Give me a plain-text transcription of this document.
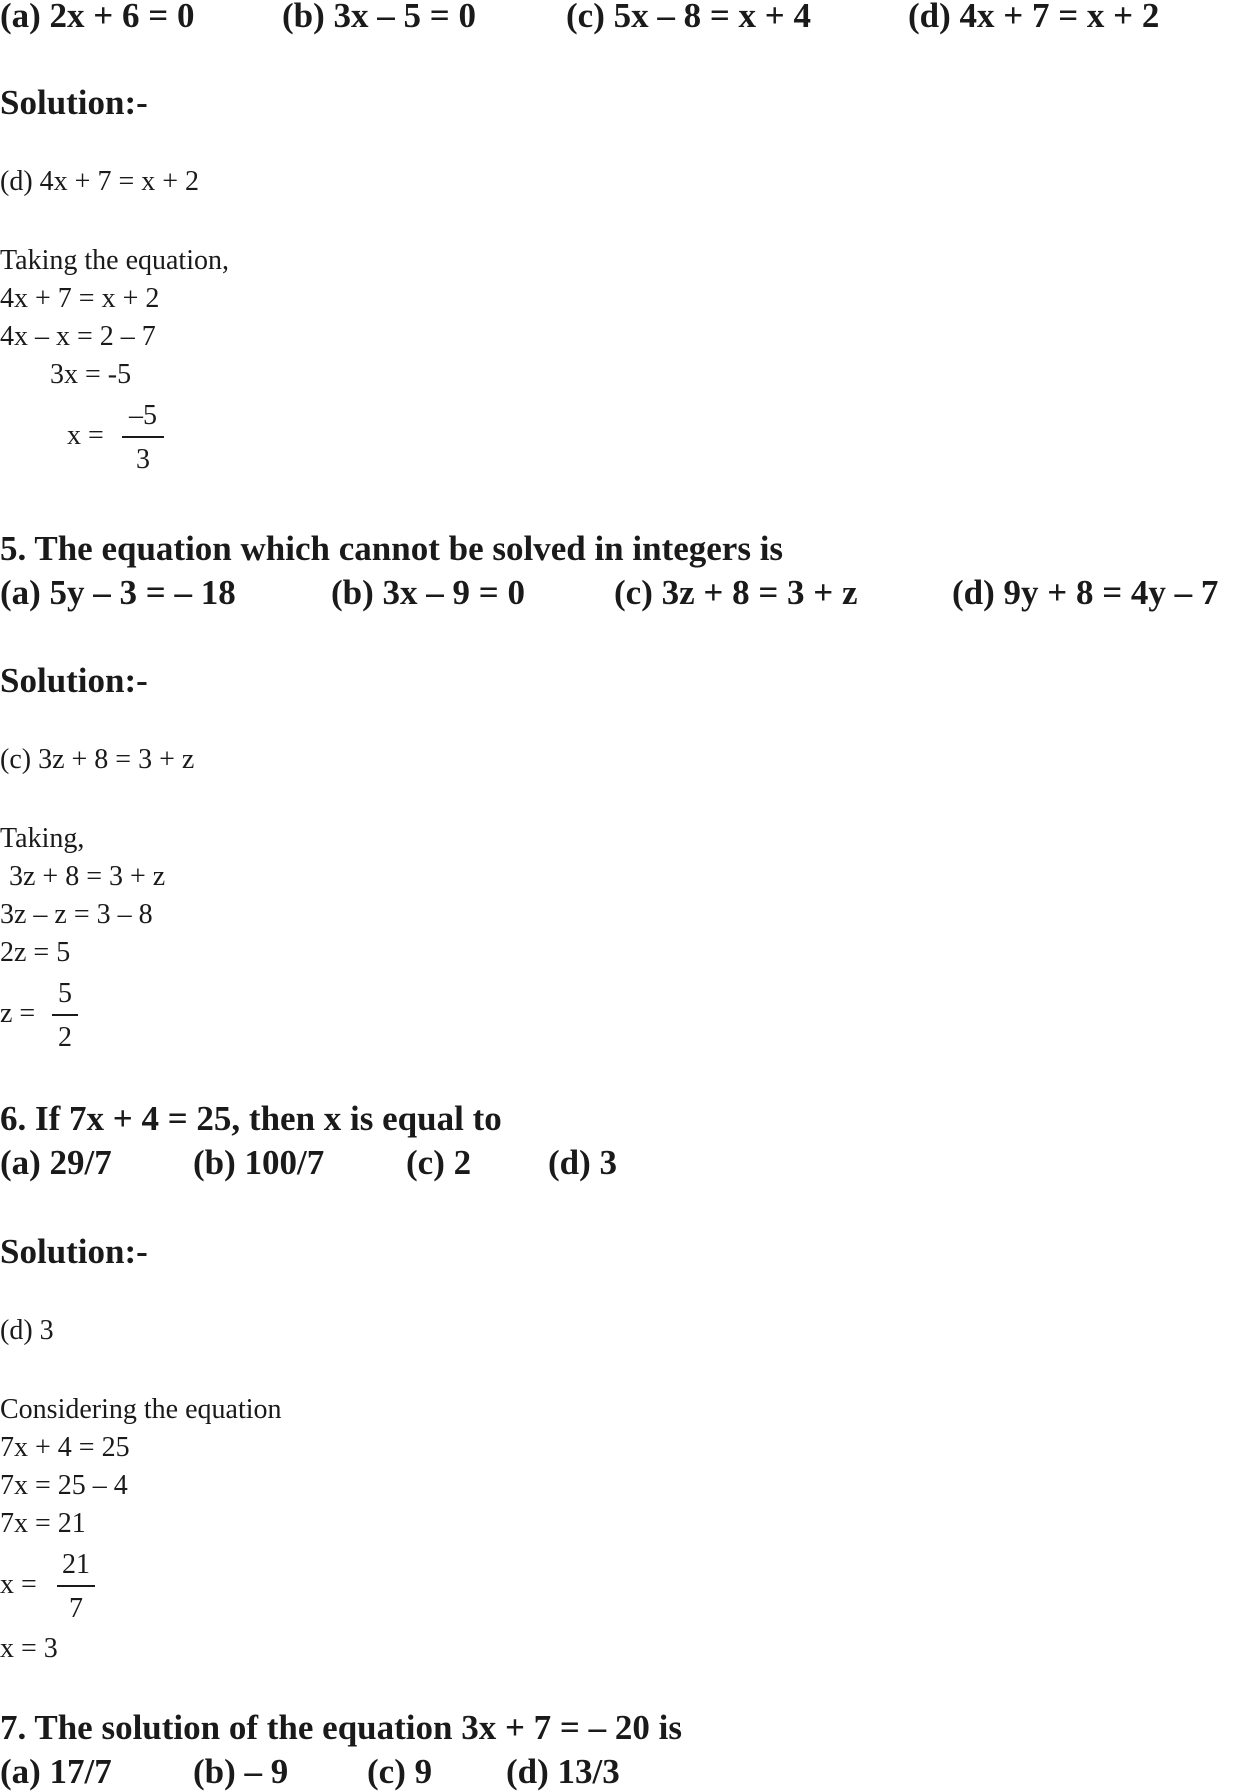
(a) 2x + 6 = 0	(b) 3x – 5 = 0	(c) 5x – 8 = x + 4	(d) 4x + 7 = x + 2
Solution:-
(d) 4x + 7 = x + 2
Taking the equation,
4x + 7 = x + 2
4x – x = 2 – 7
3x = -5
x =
–5
3
5. The equation which cannot be solved in integers is
(a) 5y – 3 = – 18	(b) 3x – 9 = 0	(c) 3z + 8 = 3 + z	(d) 9y + 8 = 4y – 7
Solution:-
(c) 3z + 8 = 3 + z
Taking,
3z + 8 = 3 + z
3z – z = 3 – 8
2z = 5
z =
5
2
6. If 7x + 4 = 25, then x is equal to
(a) 29/7 (b) 100/7 (c) 2 (d) 3
Solution:-
(d) 3
Considering the equation
7x + 4 = 25
7x = 25 – 4
7x = 21
x =
21
7
x = 3
7. The solution of the equation 3x + 7 = – 20 is
(a) 17/7 (b) – 9 (c) 9 (d) 13/3
